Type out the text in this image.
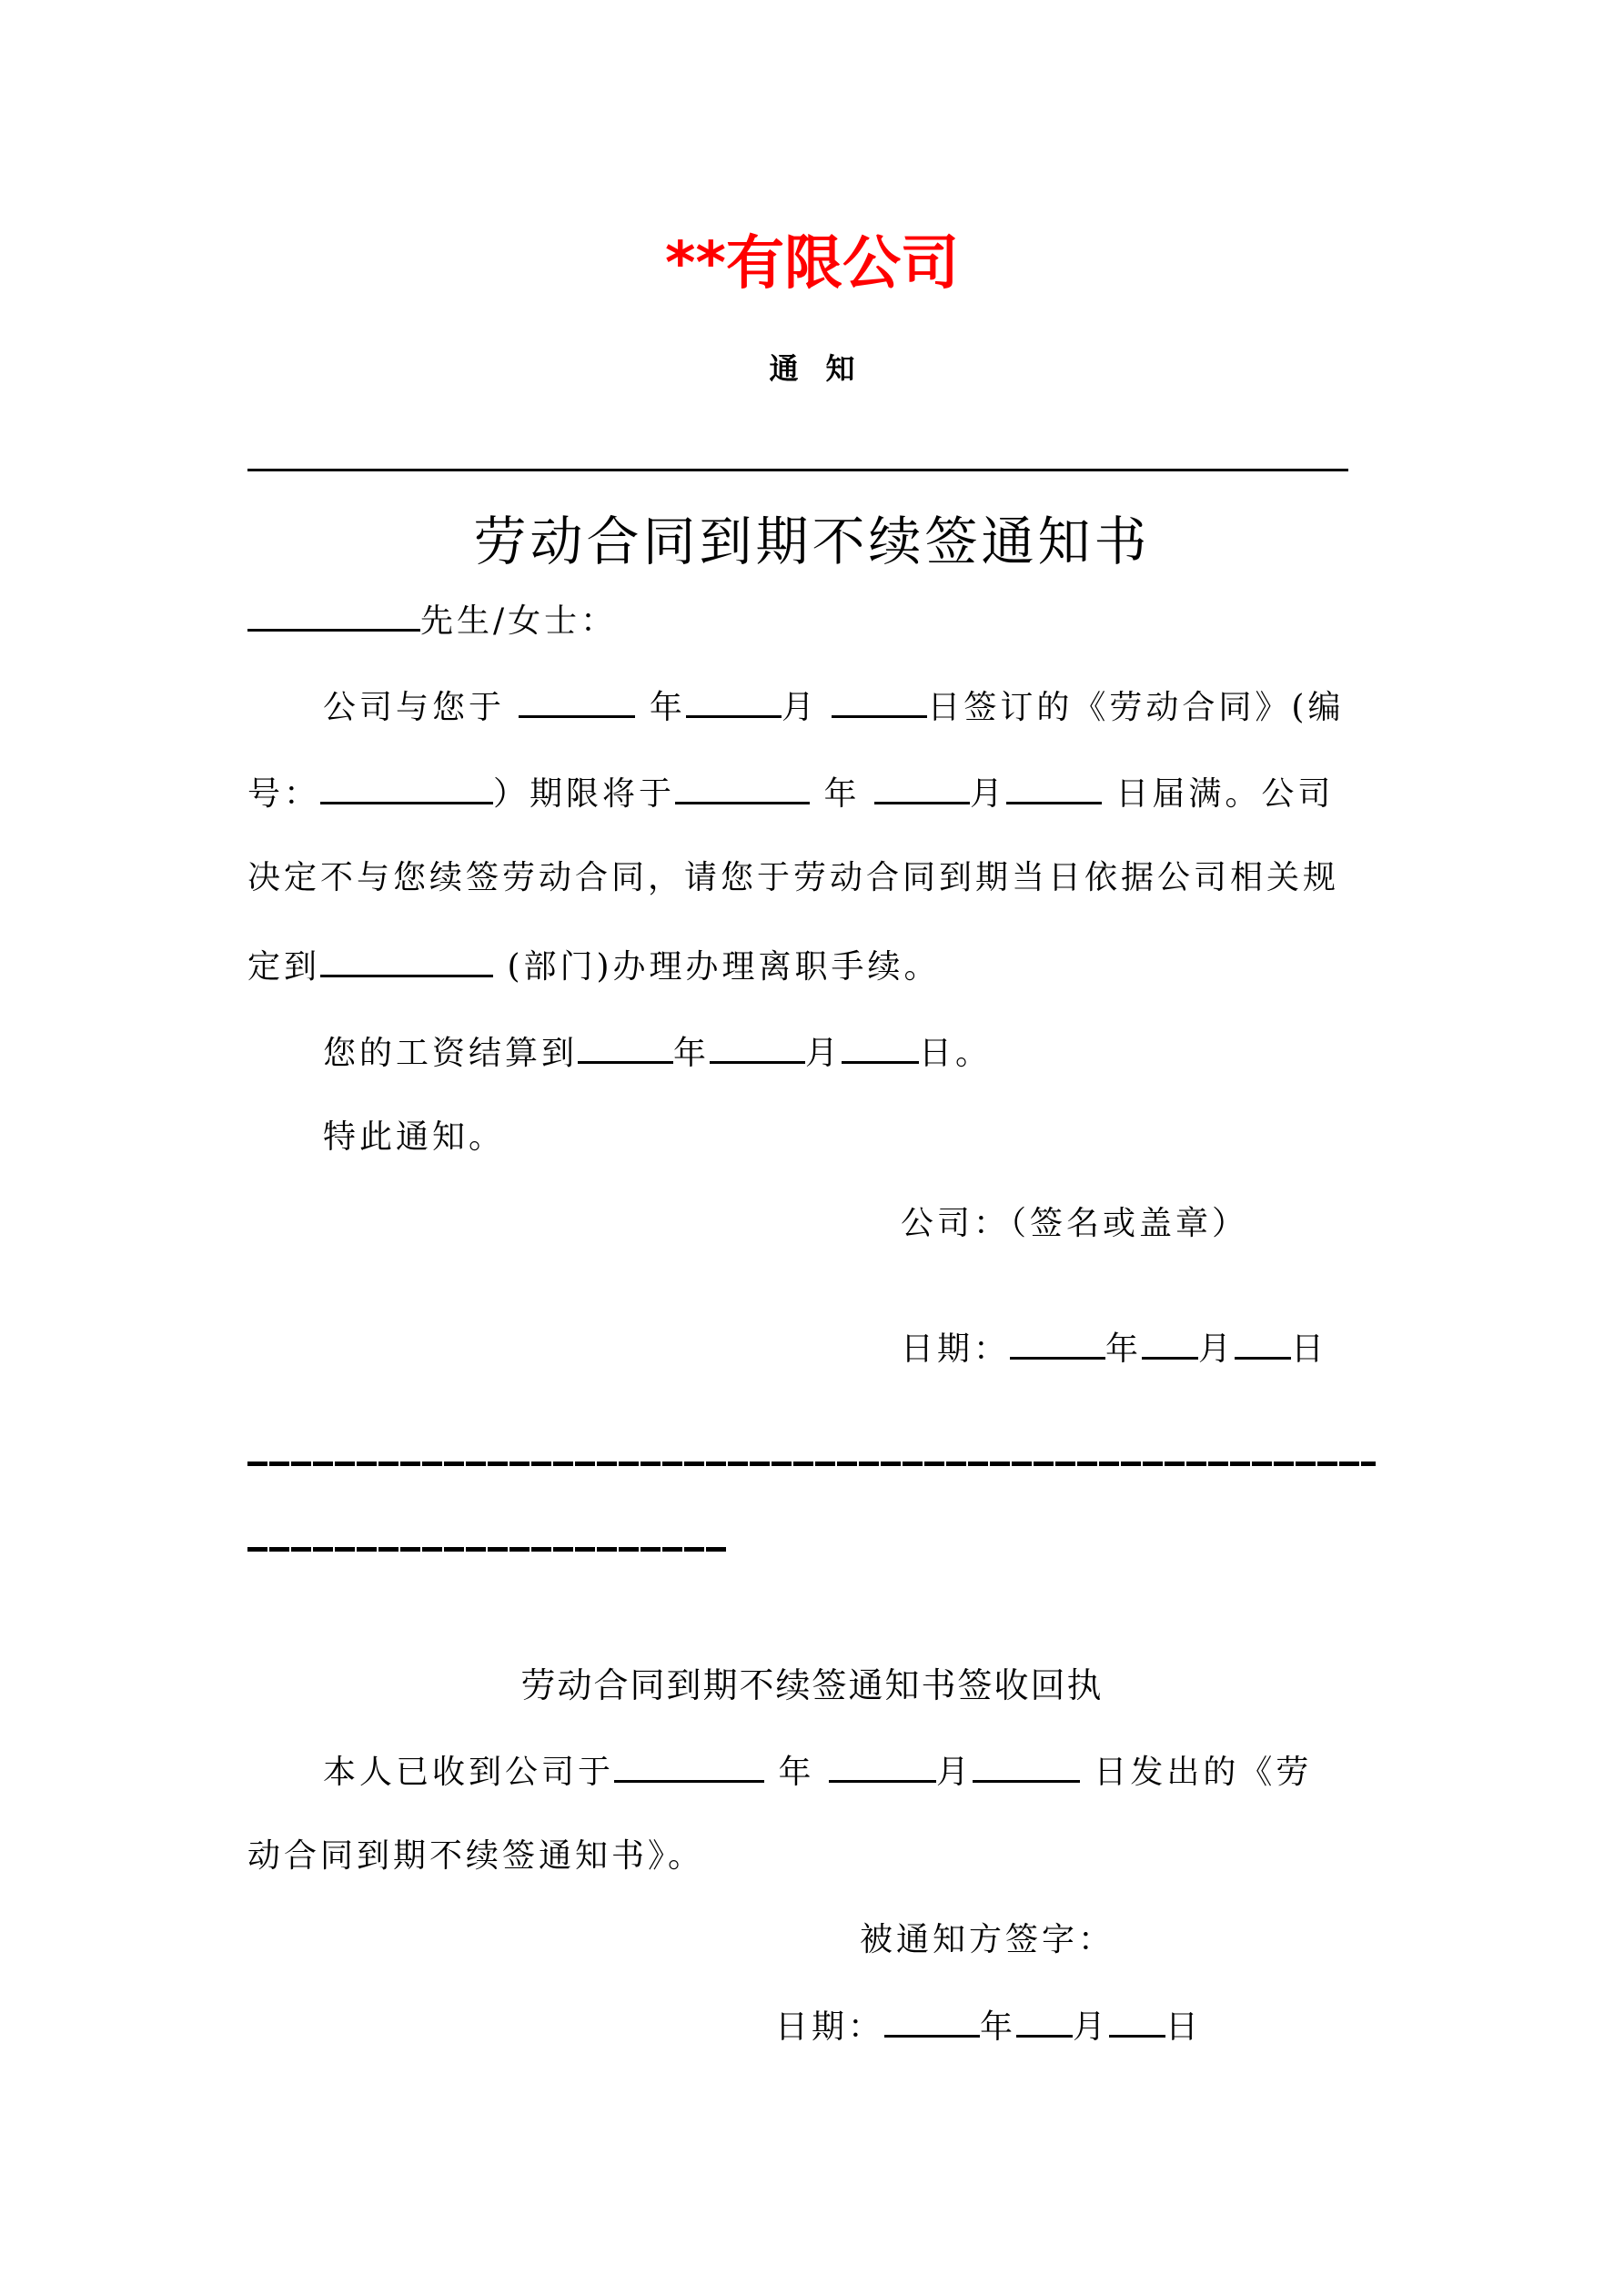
**有限公司
通知
劳动合同到期不续签通知书
先生/女士：
公司与您于	年	月	日签订的《劳动合同》(编
号：	）期限将于	年	月	日届满。公司
决定不与您续签劳动合同，请您于劳动合同到期当日依据公司相关规
定到	(部门)办理办理离职手续。
您的工资结算到	年	月 日。
特此通知。
公司：（签名或盖章）
日期：	年 月 日
劳动合同到期不续签通知书签收回执
本人已收到公司于	年	月	日发出的《劳
动合同到期不续签通知书》。
被通知方签字：
日期：	年 月 日
